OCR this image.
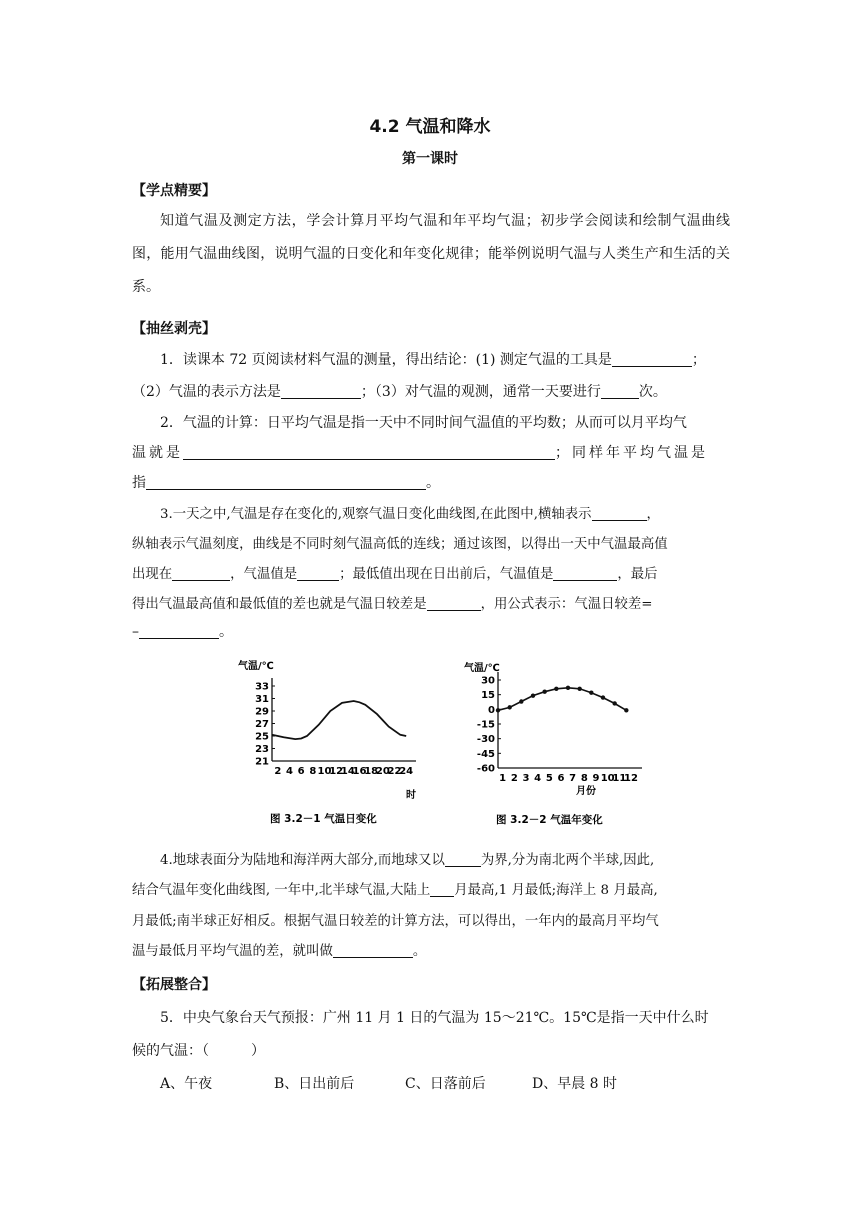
4.2 气温和降水
第一课时
【学点精要】

知道气温及测定方法，学会计算月平均气温和年平均气温；初步学会阅读和绘制气温曲线图，能用气温曲线图，说明气温的日变化和年变化规律；能举例说明气温与人类生产和生活的关系。

【抽丝剥壳】
1．读课本 72 页阅读材料气温的测量，得出结论：(1) 测定气温的工具是	；
（2）气温的表示方法是	；（3）对气温的观测，通常一天要进行	次。
2．气温的计算：日平均气温是指一天中不同时间气温值的平均数；从而可以月平均气
温就是	；同样年平均气温是
指	。
3.一天之中,气温是存在变化的,观察气温日变化曲线图,在此图中,横轴表示	，
纵轴表示气温刻度，曲线是不同时刻气温高低的连线；通过该图，以得出一天中气温最高值
出现在	，气温值是	；最低值出现在日出前后，气温值是	，最后
得出气温最高值和最低值的差也就是气温日较差是	，用公式表示：气温日较差=
–	。
气温/℃
21
23
25
27
29
31
33
2 4 6 8 10
12
14
16
18
20
22
24
时
图 3.2－1 气温日变化
气温/℃
30
15
0
-15
-30
-45
-60
1 2 3 4 5 6 7 8 9 10
11
12
月份
图 3.2－2 气温年变化
4.地球表面分为陆地和海洋两大部分,而地球又以	为界,分为南北两个半球,因此,
结合气温年变化曲线图, 一年中,北半球气温,大陆上 月最高,1 月最低;海洋上 8 月最高,
月最低;南半球正好相反。根据气温日较差的计算方法，可以得出，一年内的最高月平均气
温与最低月平均气温的差，就叫做	。
【拓展整合】
5．中央气象台天气预报：广州 11 月 1 日的气温为 15～21℃。15℃是指一天中什么时
候的气温：（　　　）
A、午夜	B、日出前后	C、日落前后	D、早晨 8 时
